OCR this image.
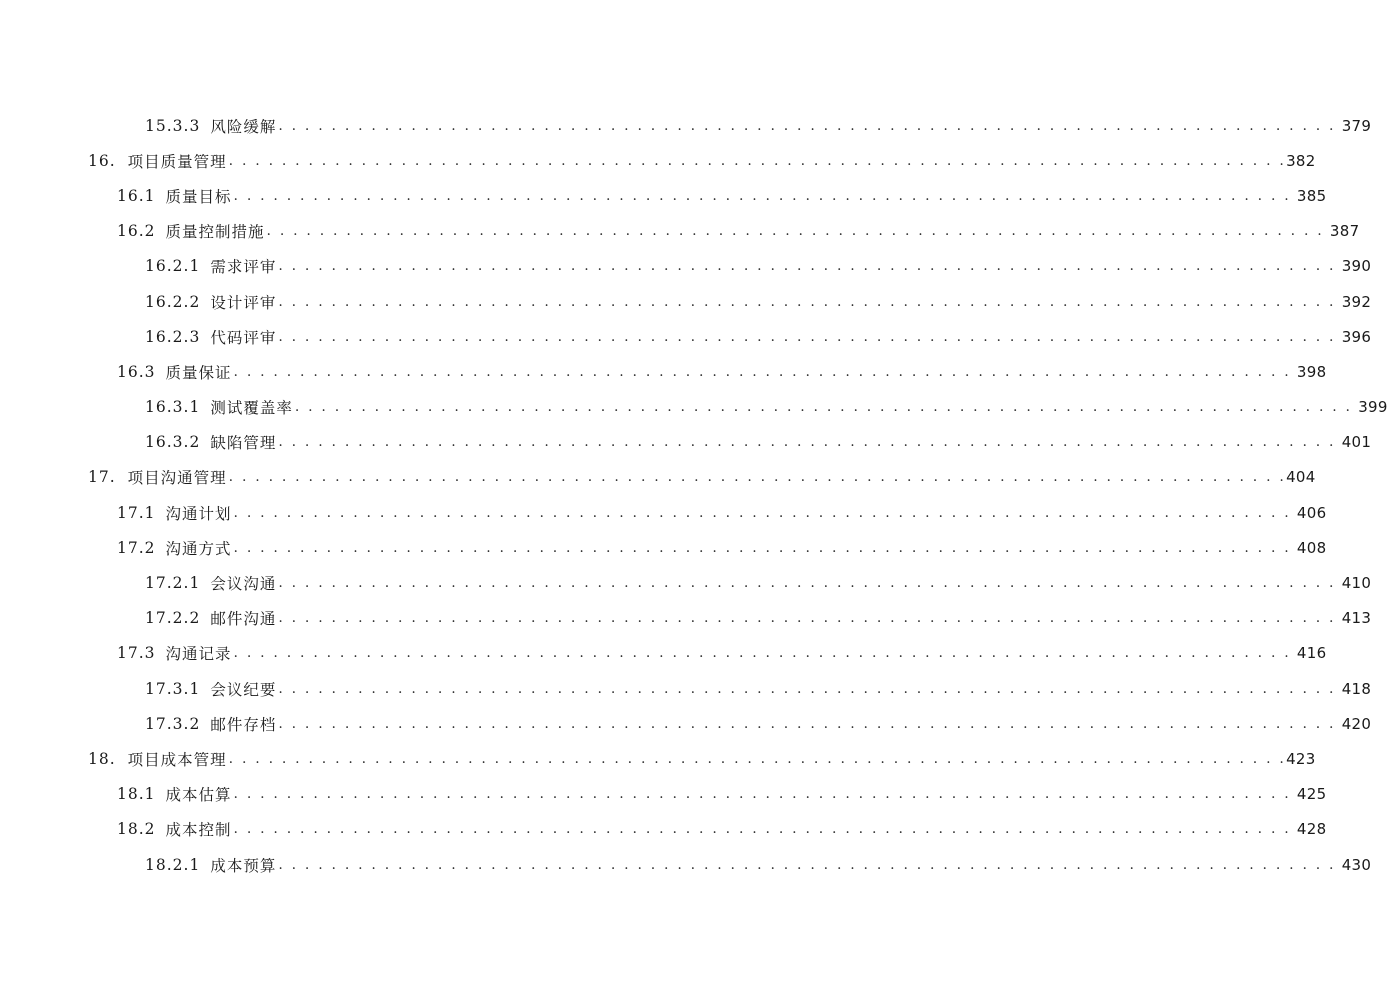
15.3.3 风险缓解 . . . . . . . . . . . . . . . . . . . . . . . . . . . . . . . . . . . . . . . . . . . . . . . . . . . . . . . . . . . . . . . . . . . . . . . . . . . . . . . . 379
16. 项目质量管理 . . . . . . . . . . . . . . . . . . . . . . . . . . . . . . . . . . . . . . . . . . . . . . . . . . . . . . . . . . . . . . . . . . . . . . . . . . . . . . . . 382
16.1 质量目标 . . . . . . . . . . . . . . . . . . . . . . . . . . . . . . . . . . . . . . . . . . . . . . . . . . . . . . . . . . . . . . . . . . . . . . . . . . . . . . . . 385
16.2 质量控制措施 . . . . . . . . . . . . . . . . . . . . . . . . . . . . . . . . . . . . . . . . . . . . . . . . . . . . . . . . . . . . . . . . . . . . . . . . . . . . . . . . 387
16.2.1 需求评审 . . . . . . . . . . . . . . . . . . . . . . . . . . . . . . . . . . . . . . . . . . . . . . . . . . . . . . . . . . . . . . . . . . . . . . . . . . . . . . . . 390
16.2.2 设计评审 . . . . . . . . . . . . . . . . . . . . . . . . . . . . . . . . . . . . . . . . . . . . . . . . . . . . . . . . . . . . . . . . . . . . . . . . . . . . . . . . 392
16.2.3 代码评审 . . . . . . . . . . . . . . . . . . . . . . . . . . . . . . . . . . . . . . . . . . . . . . . . . . . . . . . . . . . . . . . . . . . . . . . . . . . . . . . . 396
16.3 质量保证 . . . . . . . . . . . . . . . . . . . . . . . . . . . . . . . . . . . . . . . . . . . . . . . . . . . . . . . . . . . . . . . . . . . . . . . . . . . . . . . . 398
16.3.1 测试覆盖率 . . . . . . . . . . . . . . . . . . . . . . . . . . . . . . . . . . . . . . . . . . . . . . . . . . . . . . . . . . . . . . . . . . . . . . . . . . . . . . . . 399
16.3.2 缺陷管理 . . . . . . . . . . . . . . . . . . . . . . . . . . . . . . . . . . . . . . . . . . . . . . . . . . . . . . . . . . . . . . . . . . . . . . . . . . . . . . . . 401
17. 项目沟通管理 . . . . . . . . . . . . . . . . . . . . . . . . . . . . . . . . . . . . . . . . . . . . . . . . . . . . . . . . . . . . . . . . . . . . . . . . . . . . . . . . 404
17.1 沟通计划 . . . . . . . . . . . . . . . . . . . . . . . . . . . . . . . . . . . . . . . . . . . . . . . . . . . . . . . . . . . . . . . . . . . . . . . . . . . . . . . . 406
17.2 沟通方式 . . . . . . . . . . . . . . . . . . . . . . . . . . . . . . . . . . . . . . . . . . . . . . . . . . . . . . . . . . . . . . . . . . . . . . . . . . . . . . . . 408
17.2.1 会议沟通 . . . . . . . . . . . . . . . . . . . . . . . . . . . . . . . . . . . . . . . . . . . . . . . . . . . . . . . . . . . . . . . . . . . . . . . . . . . . . . . . 410
17.2.2 邮件沟通 . . . . . . . . . . . . . . . . . . . . . . . . . . . . . . . . . . . . . . . . . . . . . . . . . . . . . . . . . . . . . . . . . . . . . . . . . . . . . . . . 413
17.3 沟通记录 . . . . . . . . . . . . . . . . . . . . . . . . . . . . . . . . . . . . . . . . . . . . . . . . . . . . . . . . . . . . . . . . . . . . . . . . . . . . . . . . 416
17.3.1 会议纪要 . . . . . . . . . . . . . . . . . . . . . . . . . . . . . . . . . . . . . . . . . . . . . . . . . . . . . . . . . . . . . . . . . . . . . . . . . . . . . . . . 418
17.3.2 邮件存档 . . . . . . . . . . . . . . . . . . . . . . . . . . . . . . . . . . . . . . . . . . . . . . . . . . . . . . . . . . . . . . . . . . . . . . . . . . . . . . . . 420
18. 项目成本管理 . . . . . . . . . . . . . . . . . . . . . . . . . . . . . . . . . . . . . . . . . . . . . . . . . . . . . . . . . . . . . . . . . . . . . . . . . . . . . . . . 423
18.1 成本估算 . . . . . . . . . . . . . . . . . . . . . . . . . . . . . . . . . . . . . . . . . . . . . . . . . . . . . . . . . . . . . . . . . . . . . . . . . . . . . . . . 425
18.2 成本控制 . . . . . . . . . . . . . . . . . . . . . . . . . . . . . . . . . . . . . . . . . . . . . . . . . . . . . . . . . . . . . . . . . . . . . . . . . . . . . . . . 428
18.2.1 成本预算 . . . . . . . . . . . . . . . . . . . . . . . . . . . . . . . . . . . . . . . . . . . . . . . . . . . . . . . . . . . . . . . . . . . . . . . . . . . . . . . . 430
